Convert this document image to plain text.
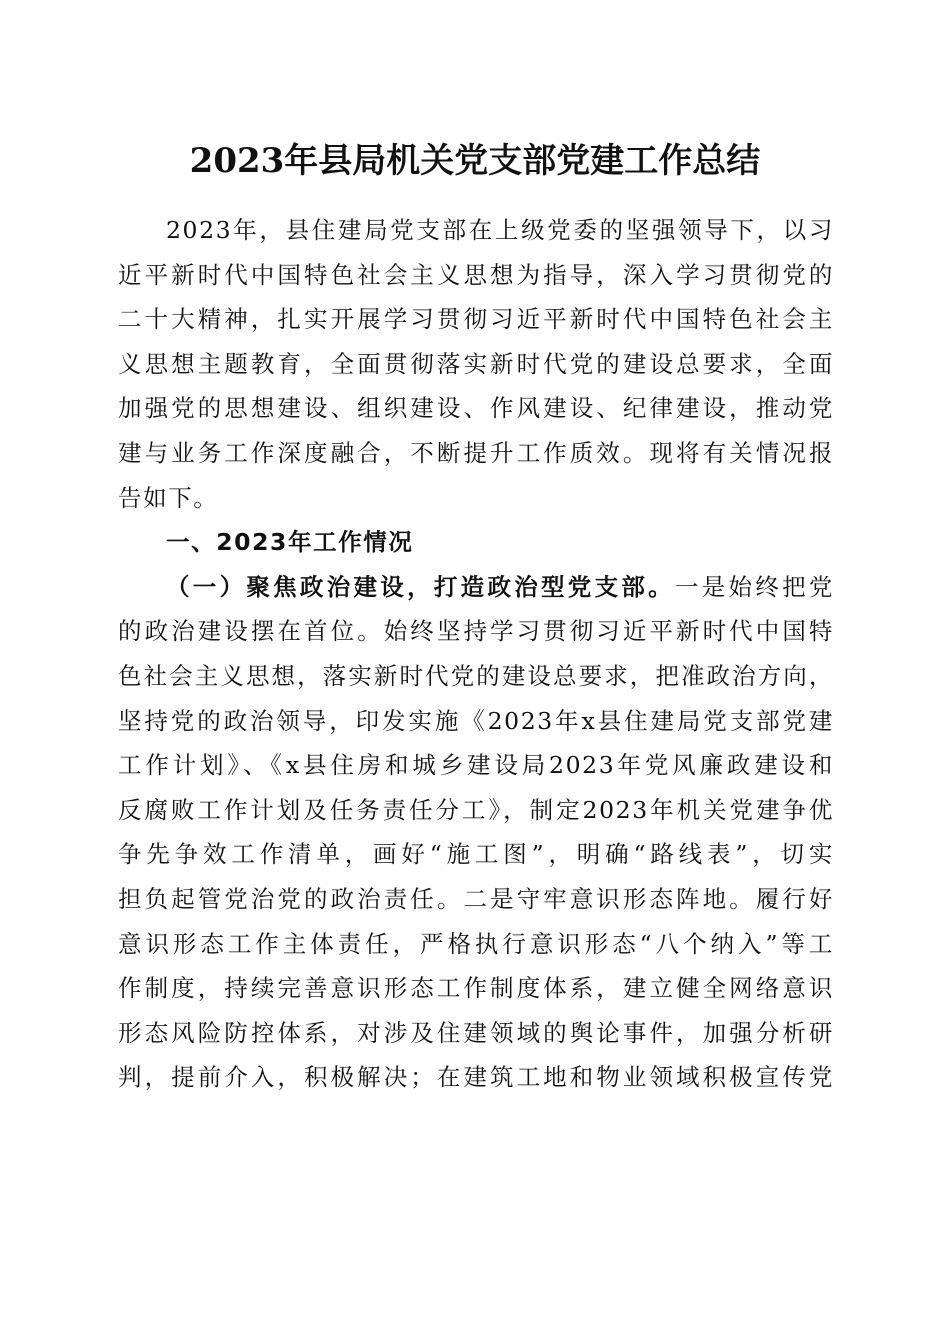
2023年县局机关党支部党建工作总结
2023年，县住建局党支部在上级党委的坚强领导下，以习
近平新时代中国特色社会主义思想为指导，深入学习贯彻党的
二十大精神，扎实开展学习贯彻习近平新时代中国特色社会主
义思想主题教育，全面贯彻落实新时代党的建设总要求，全面
加强党的思想建设、组织建设、作风建设、纪律建设，推动党
建与业务工作深度融合，不断提升工作质效。现将有关情况报
告如下。
一、2023年工作情况
（一）聚焦政治建设，打造政治型党支部。一是始终把党
的政治建设摆在首位。始终坚持学习贯彻习近平新时代中国特
色社会主义思想，落实新时代党的建设总要求，把准政治方向，
坚持党的政治领导，印发实施《2023年x县住建局党支部党建
工作计划》、《x县住房和城乡建设局2023年党风廉政建设和
反腐败工作计划及任务责任分工》，制定2023年机关党建争优
争先争效工作清单，画好“施工图”，明确“路线表”，切实
担负起管党治党的政治责任。二是守牢意识形态阵地。履行好
意识形态工作主体责任，严格执行意识形态“八个纳入”等工
作制度，持续完善意识形态工作制度体系，建立健全网络意识
形态风险防控体系，对涉及住建领域的舆论事件，加强分析研
判，提前介入，积极解决；在建筑工地和物业领域积极宣传党
